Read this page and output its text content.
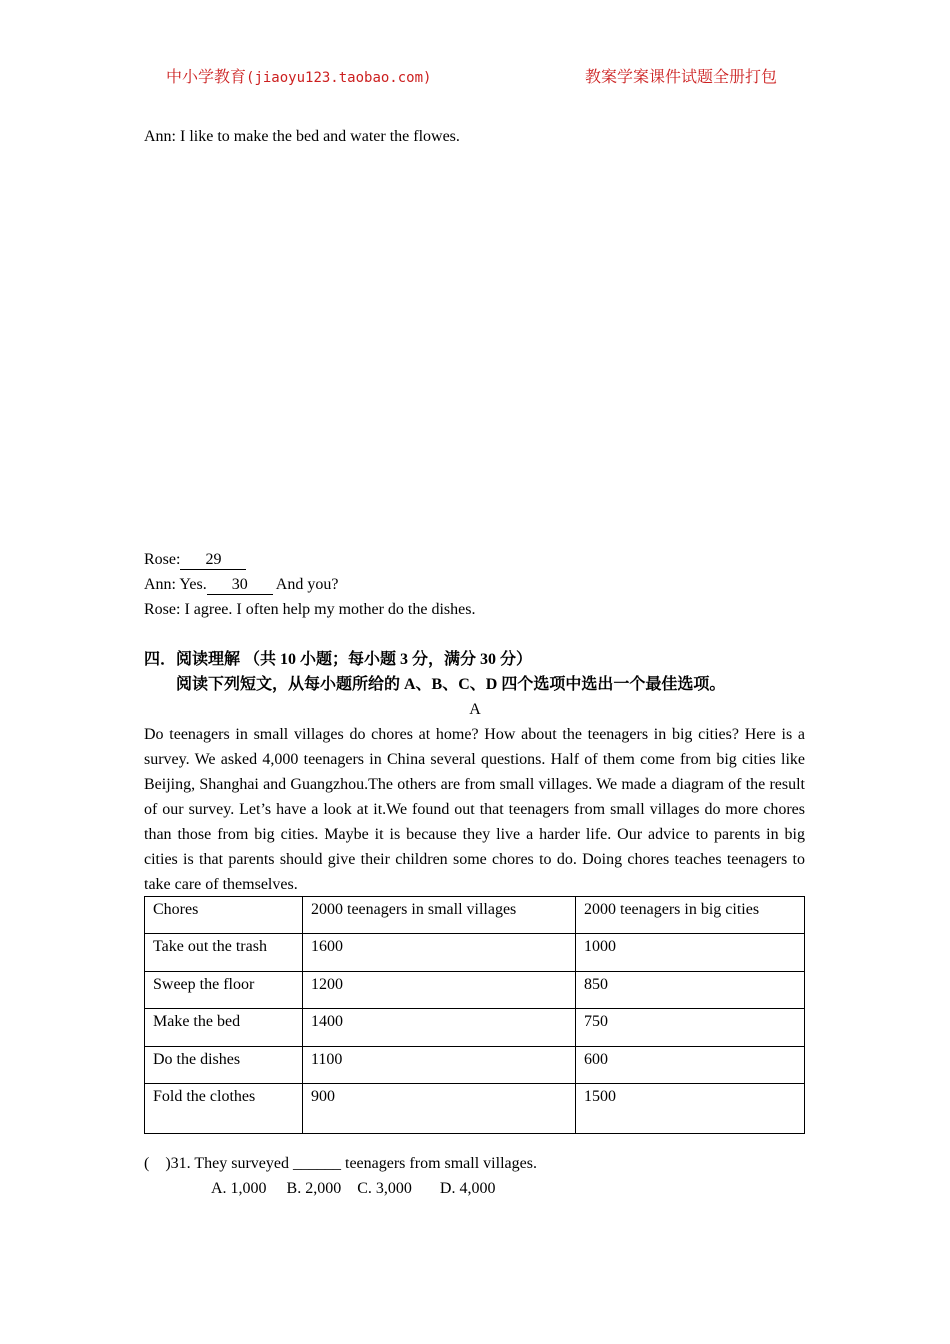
中小学教育(jiaoyu123.taobao.com)	教案学案课件试题全册打包
Ann: I like to make the bed and water the flowes.
Rose: 29
Ann: Yes. 30 And you?
Rose: I agree. I often help my mother do the dishes.
四．阅读理解 （共 10 小题；每小题 3 分，满分 30 分）
阅读下列短文，从每小题所给的 A、B、C、D 四个选项中选出一个最佳选项。
A
Do teenagers in small villages do chores at home? How about the teenagers in big cities? Here is a survey. We asked 4,000 teenagers in China several questions. Half of them come from big cities like Beijing, Shanghai and Guangzhou.The others are from small villages. We made a diagram of the result of our survey. Let’s have a look at it.We found out that teenagers from small villages do more chores than those from big cities. Maybe it is because they live a harder life. Our advice to parents in big cities is that parents should give their children some chores to do. Doing chores teaches teenagers to take care of themselves.
Chores	2000 teenagers in small villages	2000 teenagers in big cities
Take out the trash	1600	1000
Sweep the floor	1200	850
Make the bed	1400	750
Do the dishes	1100	600
Fold the clothes	900	1500
(    )31. They surveyed ______ teenagers from small villages.
A. 1,000     B. 2,000    C. 3,000       D. 4,000
